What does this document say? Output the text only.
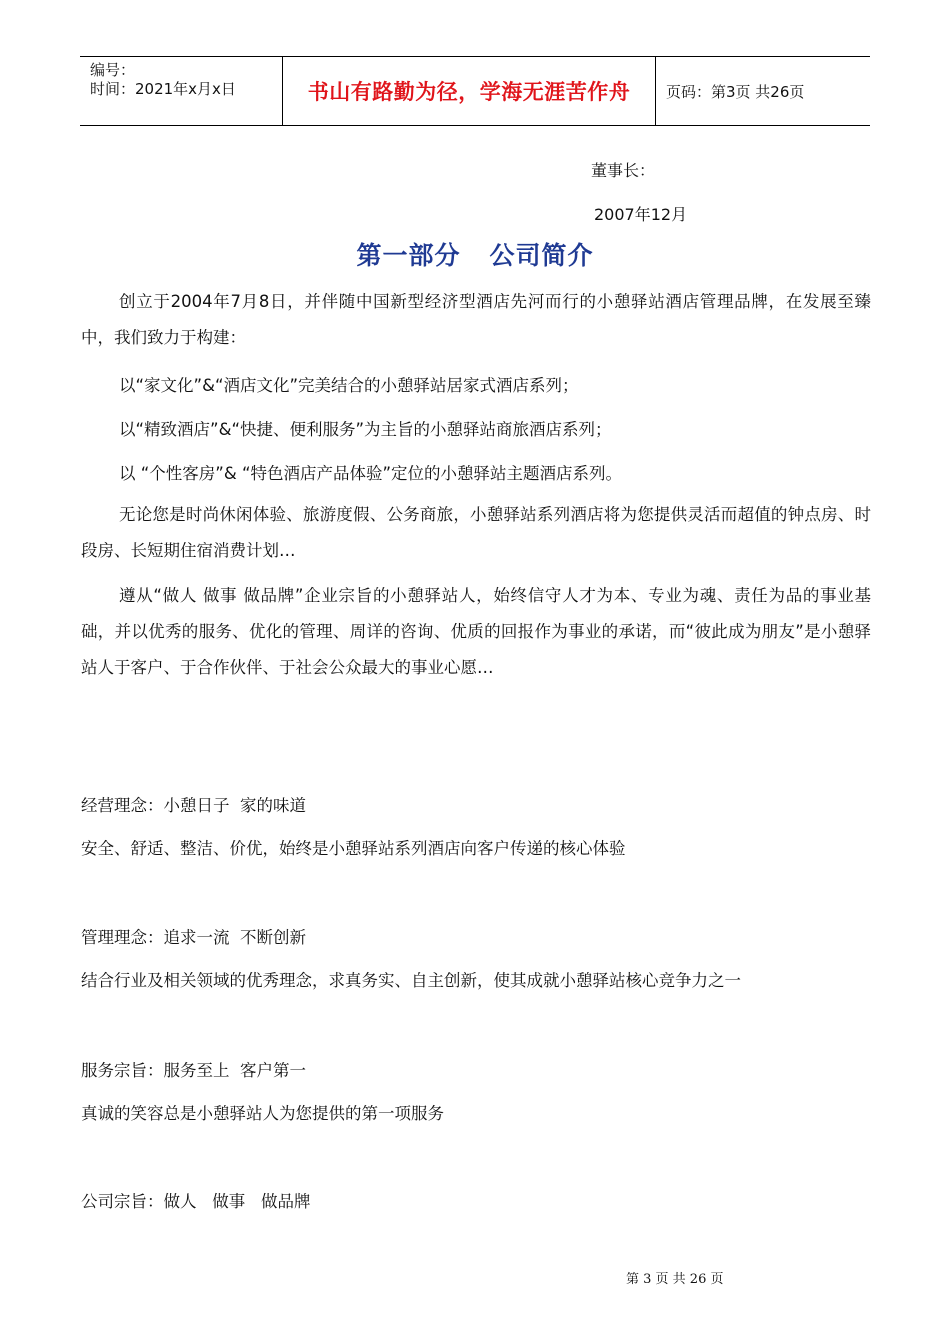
编号：
时间：2021年x月x日	书山有路勤为径，学海无涯苦作舟	页码：第3页 共26页
董事长：
2007年12月
第一部分   公司简介

创立于2004年7月8日，并伴随中国新型经济型酒店先河而行的小憩驿站酒店管理品牌，在发展至臻中，我们致力于构建：

以“家文化”&“酒店文化”完美结合的小憩驿站居家式酒店系列；
以“精致酒店”&“快捷、便利服务”为主旨的小憩驿站商旅酒店系列；
以 “个性客房”& “特色酒店产品体验”定位的小憩驿站主题酒店系列。

无论您是时尚休闲体验、旅游度假、公务商旅，小憩驿站系列酒店将为您提供灵活而超值的钟点房、时段房、长短期住宿消费计划…

遵从“做人 做事 做品牌”企业宗旨的小憩驿站人，始终信守人才为本、专业为魂、责任为品的事业基础，并以优秀的服务、优化的管理、周详的咨询、优质的回报作为事业的承诺，而“彼此成为朋友”是小憩驿站人于客户、于合作伙伴、于社会公众最大的事业心愿…

经营理念：小憩日子  家的味道
安全、舒适、整洁、价优，始终是小憩驿站系列酒店向客户传递的核心体验
管理理念：追求一流  不断创新
结合行业及相关领域的优秀理念，求真务实、自主创新，使其成就小憩驿站核心竞争力之一
服务宗旨：服务至上  客户第一
真诚的笑容总是小憩驿站人为您提供的第一项服务
公司宗旨：做人   做事   做品牌
第 3 页 共 26 页
